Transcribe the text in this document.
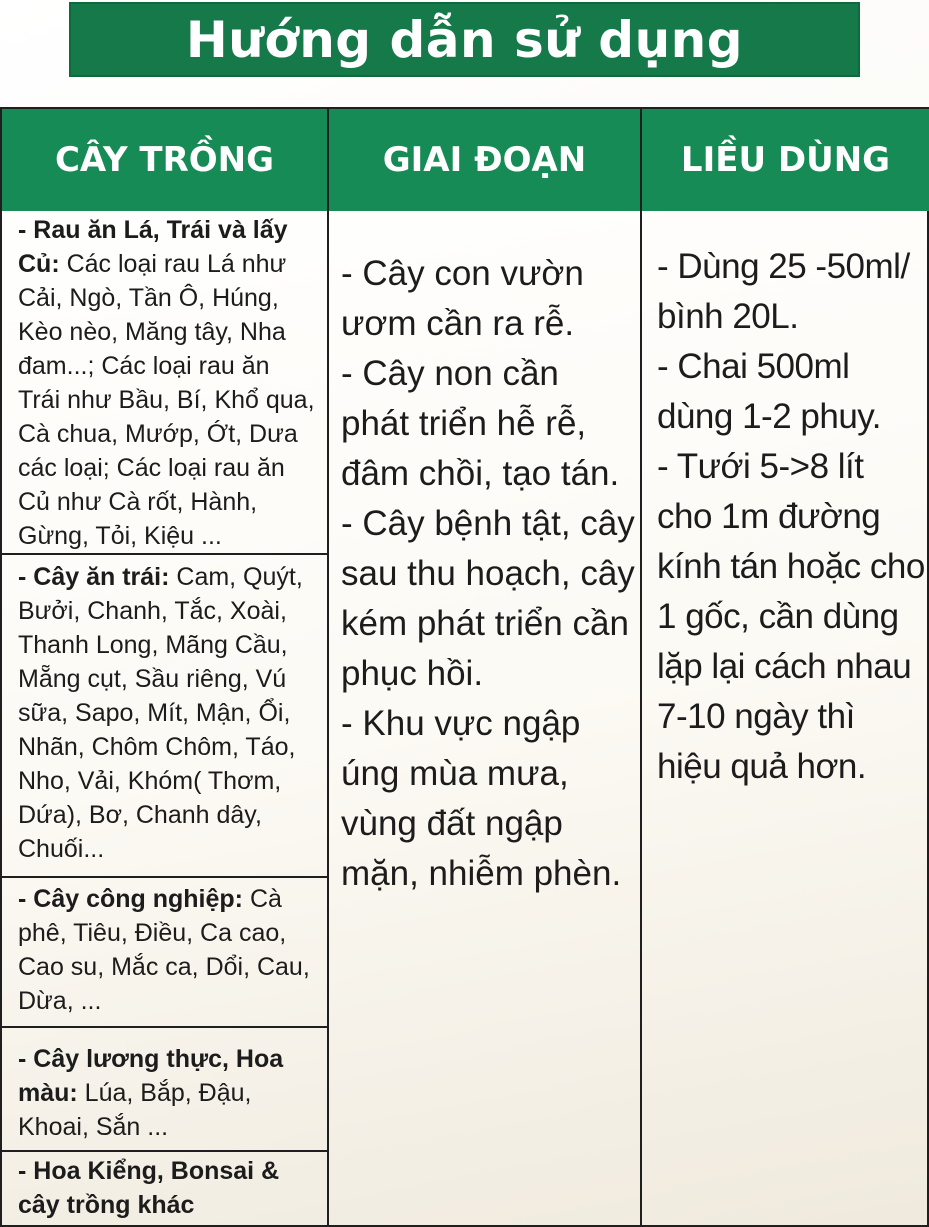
Hướng dẫn sử dụng
CÂY TRỒNG	GIAI ĐOẠN	LIỀU DÙNG
- Rau ăn Lá, Trái và lấy Củ: Các loại rau Lá như Cải, Ngò, Tần Ô, Húng, Kèo nèo, Măng tây, Nha đam...; Các loại rau ăn Trái như Bầu, Bí, Khổ qua, Cà chua, Mướp, Ớt, Dưa các loại; Các loại rau ăn Củ như Cà rốt, Hành, Gừng, Tỏi, Kiệu ...
- Cây ăn trái: Cam, Quýt, Bưởi, Chanh, Tắc, Xoài, Thanh Long, Mãng Cầu, Mẵng cụt, Sầu riêng, Vú sữa, Sapo, Mít, Mận, Ổi, Nhãn, Chôm Chôm, Táo, Nho, Vải, Khóm( Thơm, Dứa), Bơ, Chanh dây, Chuối...
- Cây công nghiệp: Cà phê, Tiêu, Điều, Ca cao, Cao su, Mắc ca, Dổi, Cau, Dừa, ...
- Cây lương thực, Hoa màu: Lúa, Bắp, Đậu, Khoai, Sắn ...
- Hoa Kiểng, Bonsai & cây trồng khác
- Cây con vườn ươm cần ra rễ.
- Cây non cần phát triển hễ rễ, đâm chồi, tạo tán.
- Cây bệnh tật, cây sau thu hoạch, cây kém phát triển cần phục hồi.
- Khu vực ngập úng mùa mưa, vùng đất ngập mặn, nhiễm phèn.
- Dùng 25 -50ml/ bình 20L.
- Chai 500ml dùng 1-2 phuy.
- Tưới 5->8 lít cho 1m đường kính tán hoặc cho 1 gốc, cần dùng lặp lại cách nhau 7-10 ngày thì hiệu quả hơn.
